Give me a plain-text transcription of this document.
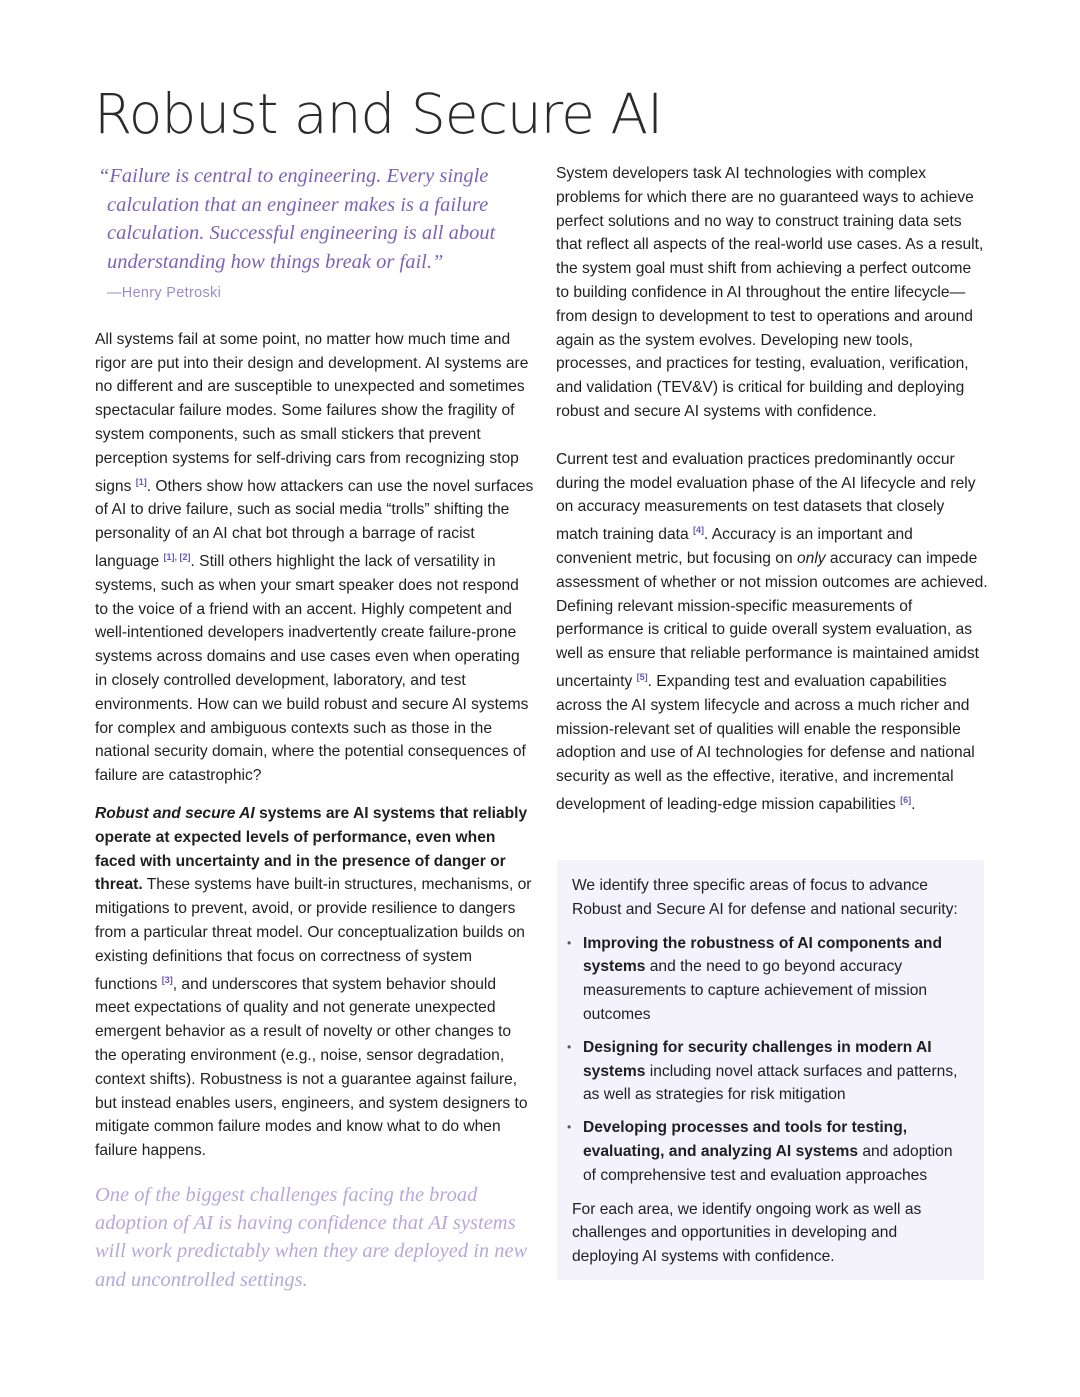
Robust and Secure AI
“Failure is central to engineering. Every single
calculation that an engineer makes is a failure
calculation. Successful engineering is all about
understanding how things break or fail.”
—Henry Petroski

All systems fail at some point, no matter how much time and rigor are put into their design and development. AI systems are no different and are susceptible to unexpected and sometimes spectacular failure modes. Some failures show the fragility of system components, such as small stickers that prevent perception systems for self-driving cars from recognizing stop signs [1]. Others show how attackers can use the novel surfaces of AI to drive failure, such as social media “trolls” shifting the personality of an AI chat bot through a barrage of racist language [1], [2]. Still others highlight the lack of versatility in systems, such as when your smart speaker does not respond to the voice of a friend with an accent. Highly competent and well-intentioned developers inadvertently create failure-prone systems across domains and use cases even when operating in closely controlled development, laboratory, and test environments. How can we build robust and secure AI systems for complex and ambiguous contexts such as those in the national security domain, where the potential consequences of failure are catastrophic?

Robust and secure AI systems are AI systems that reliably operate at expected levels of performance, even when faced with uncertainty and in the presence of danger or threat. These systems have built-in structures, mechanisms, or mitigations to prevent, avoid, or provide resilience to dangers from a particular threat model. Our conceptualization builds on existing definitions that focus on correctness of system functions [3], and underscores that system behavior should meet expectations of quality and not generate unexpected emergent behavior as a result of novelty or other changes to the operating environment (e.g., noise, sensor degradation, context shifts). Robustness is not a guarantee against failure, but instead enables users, engineers, and system designers to mitigate common failure modes and know what to do when failure happens.

One of the biggest challenges facing the broad adoption of AI is having confidence that AI systems will work predictably when they are deployed in new and uncontrolled settings.

System developers task AI technologies with complex problems for which there are no guaranteed ways to achieve perfect solutions and no way to construct training data sets that reflect all aspects of the real-world use cases. As a result, the system goal must shift from achieving a perfect outcome to building confidence in AI throughout the entire lifecycle—from design to development to test to operations and around again as the system evolves. Developing new tools, processes, and practices for testing, evaluation, verification, and validation (TEV&V) is critical for building and deploying robust and secure AI systems with confidence.

Current test and evaluation practices predominantly occur during the model evaluation phase of the AI lifecycle and rely on accuracy measurements on test datasets that closely match training data [4]. Accuracy is an important and convenient metric, but focusing on only accuracy can impede assessment of whether or not mission outcomes are achieved. Defining relevant mission-specific measurements of performance is critical to guide overall system evaluation, as well as ensure that reliable performance is maintained amidst uncertainty [5]. Expanding test and evaluation capabilities across the AI system lifecycle and across a much richer and mission-relevant set of qualities will enable the responsible adoption and use of AI technologies for defense and national security as well as the effective, iterative, and incremental development of leading-edge mission capabilities [6].

We identify three specific areas of focus to advance Robust and Secure AI for defense and national security:

• Improving the robustness of AI components and systems and the need to go beyond accuracy measurements to capture achievement of mission outcomes
• Designing for security challenges in modern AI systems including novel attack surfaces and patterns, as well as strategies for risk mitigation
• Developing processes and tools for testing, evaluating, and analyzing AI systems and adoption of comprehensive test and evaluation approaches

For each area, we identify ongoing work as well as challenges and opportunities in developing and deploying AI systems with confidence.
